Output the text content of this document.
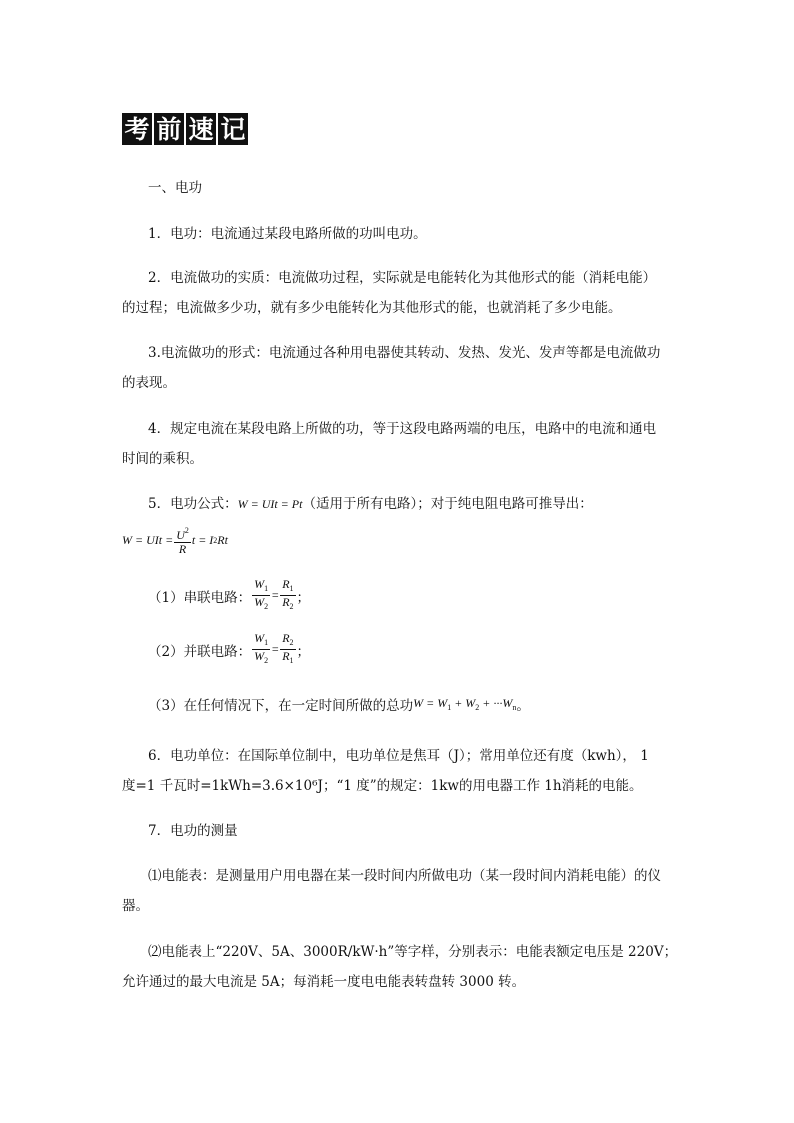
考 前 速 记
一、电功
1．电功：电流通过某段电路所做的功叫电功。
2．电流做功的实质：电流做功过程，实际就是电能转化为其他形式的能（消耗电能）
的过程；电流做多少功，就有多少电能转化为其他形式的能，也就消耗了多少电能。
3.电流做功的形式：电流通过各种用电器使其转动、发热、发光、发声等都是电流做功
的表现。
4．规定电流在某段电路上所做的功，等于这段电路两端的电压，电路中的电流和通电
时间的乘积。
5．电功公式：W = UIt = Pt（适用于所有电路）；对于纯电阻电路可推导出：
W = UIt = $\frac{U^2}{R}$ t = I 2 Rt
（1）串联电路： $\frac{W_1}{W_2} = \frac{R_1}{R_2}$ ；
（2）并联电路： $\frac{W_1}{W_2} = \frac{R_2}{R_1}$ ；
（3）在任何情况下，在一定时间所做的总功 $W = W_1 + W_2 + \cdot\cdot\cdot W_n$ 。
6．电功单位：在国际单位制中，电功单位是焦耳（J）；常用单位还有度（kwh）， 1
度=1 千瓦时=1kWh=3.6×10⁶J；“1 度”的规定：1kw的用电器工作 1h消耗的电能。
7．电功的测量
⑴电能表：是测量用户用电器在某一段时间内所做电功（某一段时间内消耗电能）的仪
器。
⑵电能表上“220V、5A、3000R/kW·h”等字样，分别表示：电能表额定电压是 220V；
允许通过的最大电流是 5A；每消耗一度电电能表转盘转 3000 转。
